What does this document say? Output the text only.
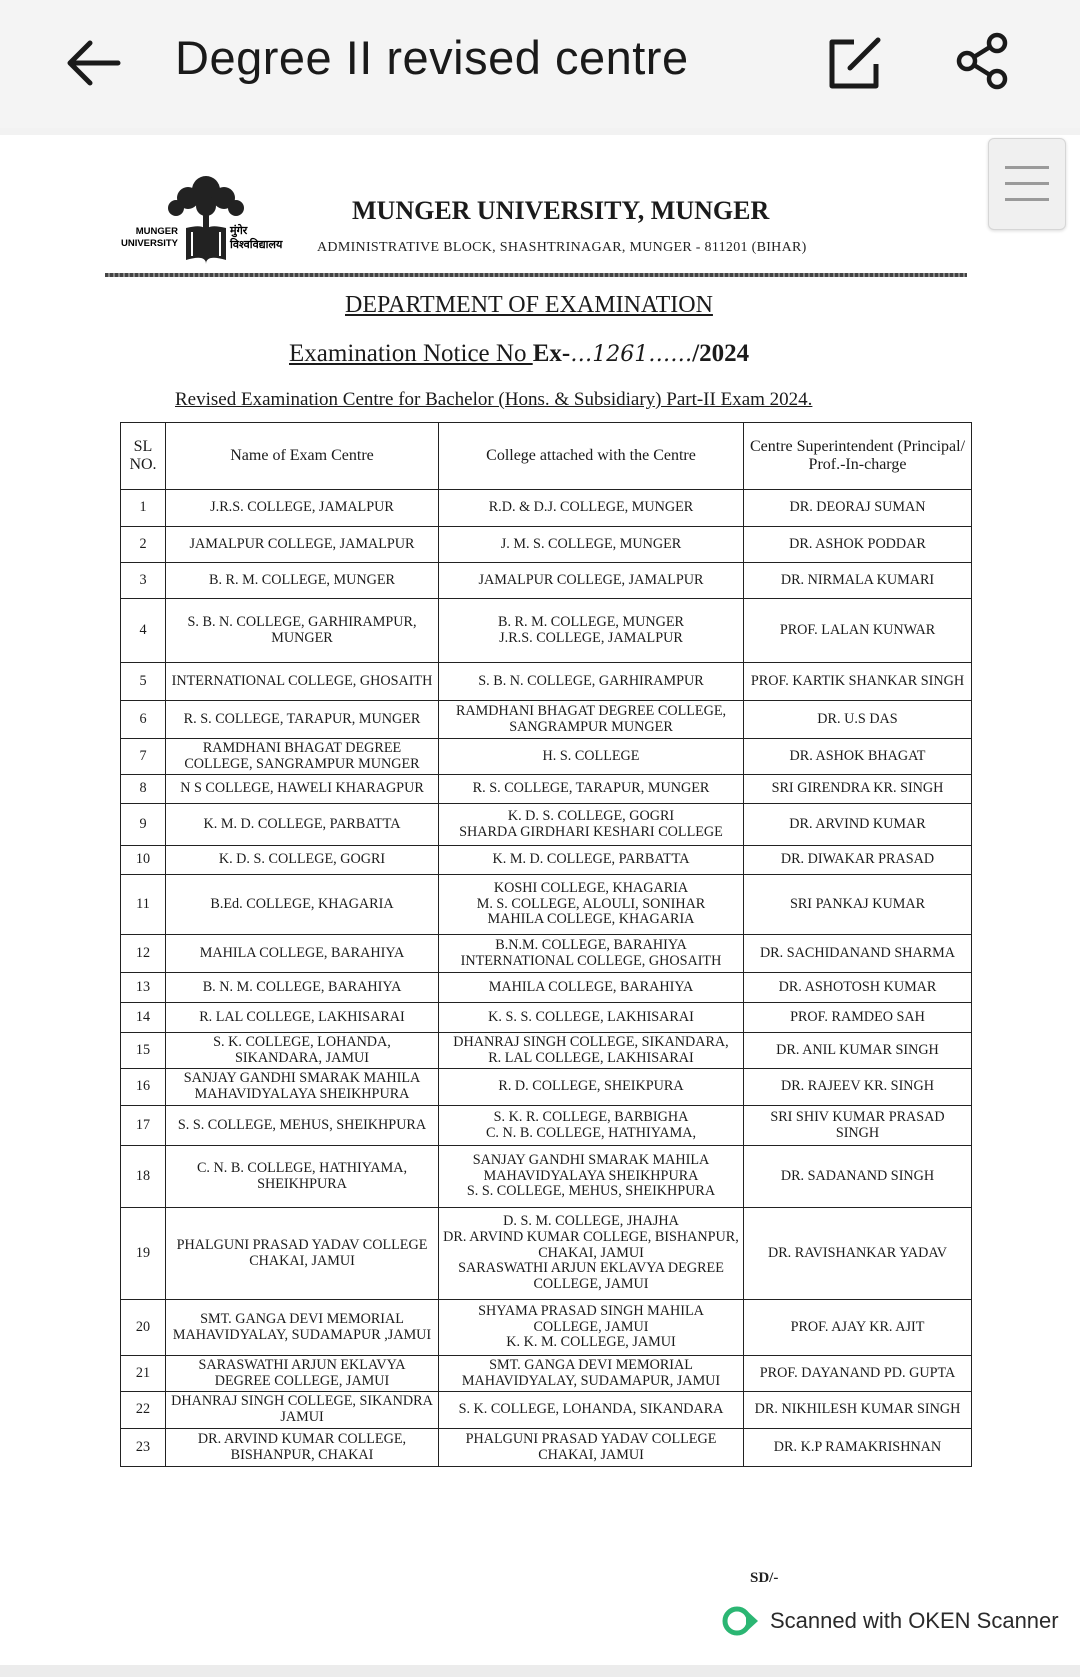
Degree II revised centre
MUNGER UNIVERSITY
मुंगेर विश्वविद्यालय
MUNGER UNIVERSITY, MUNGER
ADMINISTRATIVE BLOCK, SHASHTRINAGAR, MUNGER - 811201 (BIHAR)
DEPARTMENT OF EXAMINATION
Examination Notice No Ex-…1261……/2024
Revised Examination Centre for Bachelor (Hons. & Subsidiary) Part-II Exam 2024.
SL NO.	Name of Exam Centre	College attached with the Centre	Centre Superintendent (Principal/ Prof.-In-charge

1	J.R.S. COLLEGE, JAMALPUR	R.D. & D.J. COLLEGE, MUNGER	DR. DEORAJ SUMAN

2	JAMALPUR COLLEGE, JAMALPUR	J. M. S. COLLEGE, MUNGER	DR. ASHOK PODDAR

3	B. R. M. COLLEGE, MUNGER	JAMALPUR COLLEGE, JAMALPUR	DR. NIRMALA KUMARI

4	S. B. N. COLLEGE, GARHIRAMPUR, MUNGER	B. R. M. COLLEGE, MUNGER
J.R.S. COLLEGE, JAMALPUR	PROF. LALAN KUNWAR

5	INTERNATIONAL COLLEGE, GHOSAITH	S. B. N. COLLEGE, GARHIRAMPUR	PROF. KARTIK SHANKAR SINGH

6	R. S. COLLEGE, TARAPUR, MUNGER	RAMDHANI BHAGAT DEGREE COLLEGE, SANGRAMPUR MUNGER	DR. U.S DAS

7	RAMDHANI BHAGAT DEGREE COLLEGE, SANGRAMPUR MUNGER	H. S. COLLEGE	DR. ASHOK BHAGAT

8	N S COLLEGE, HAWELI KHARAGPUR	R. S. COLLEGE, TARAPUR, MUNGER	SRI GIRENDRA KR. SINGH

9	K. M. D. COLLEGE, PARBATTA	K. D. S. COLLEGE, GOGRI
SHARDA GIRDHARI KESHARI COLLEGE	DR. ARVIND KUMAR

10	K. D. S. COLLEGE, GOGRI	K. M. D. COLLEGE, PARBATTA	DR. DIWAKAR PRASAD

11	B.Ed. COLLEGE, KHAGARIA	KOSHI COLLEGE, KHAGARIA
M. S. COLLEGE, ALOULI, SONIHAR
MAHILA COLLEGE, KHAGARIA	SRI PANKAJ KUMAR

12	MAHILA COLLEGE, BARAHIYA	B.N.M. COLLEGE, BARAHIYA
INTERNATIONAL COLLEGE, GHOSAITH	DR. SACHIDANAND SHARMA

13	B. N. M. COLLEGE, BARAHIYA	MAHILA COLLEGE, BARAHIYA	DR. ASHOTOSH KUMAR

14	R. LAL COLLEGE, LAKHISARAI	K. S. S. COLLEGE, LAKHISARAI	PROF. RAMDEO SAH

15	S. K. COLLEGE, LOHANDA, SIKANDARA, JAMUI	DHANRAJ SINGH COLLEGE, SIKANDARA,
R. LAL COLLEGE, LAKHISARAI	DR. ANIL KUMAR SINGH

16	SANJAY GANDHI SMARAK MAHILA MAHAVIDYALAYA SHEIKHPURA	R. D. COLLEGE, SHEIKPURA	DR. RAJEEV KR. SINGH

17	S. S. COLLEGE, MEHUS, SHEIKHPURA	S. K. R. COLLEGE, BARBIGHA
C. N. B. COLLEGE, HATHIYAMA,	SRI SHIV KUMAR PRASAD SINGH

18	C. N. B. COLLEGE, HATHIYAMA, SHEIKHPURA	SANJAY GANDHI SMARAK MAHILA MAHAVIDYALAYA SHEIKHPURA
S. S. COLLEGE, MEHUS, SHEIKHPURA	DR. SADANAND SINGH

19	PHALGUNI PRASAD YADAV COLLEGE CHAKAI, JAMUI	D. S. M. COLLEGE, JHAJHA
DR. ARVIND KUMAR COLLEGE, BISHANPUR, CHAKAI, JAMUI
SARASWATHI ARJUN EKLAVYA DEGREE COLLEGE, JAMUI	DR. RAVISHANKAR YADAV

20	SMT. GANGA DEVI MEMORIAL MAHAVIDYALAY, SUDAMAPUR ,JAMUI	SHYAMA PRASAD SINGH MAHILA COLLEGE, JAMUI
K. K. M. COLLEGE, JAMUI	PROF. AJAY KR. AJIT

21	SARASWATHI ARJUN EKLAVYA DEGREE COLLEGE, JAMUI	SMT. GANGA DEVI MEMORIAL MAHAVIDYALAY, SUDAMAPUR, JAMUI	PROF. DAYANAND PD. GUPTA

22	DHANRAJ SINGH COLLEGE, SIKANDRA JAMUI	S. K. COLLEGE, LOHANDA, SIKANDARA	DR. NIKHILESH KUMAR SINGH

23	DR. ARVIND KUMAR COLLEGE, BISHANPUR, CHAKAI	PHALGUNI PRASAD YADAV COLLEGE CHAKAI, JAMUI	DR. K.P RAMAKRISHNAN
SD/-
Scanned with OKEN Scanner
